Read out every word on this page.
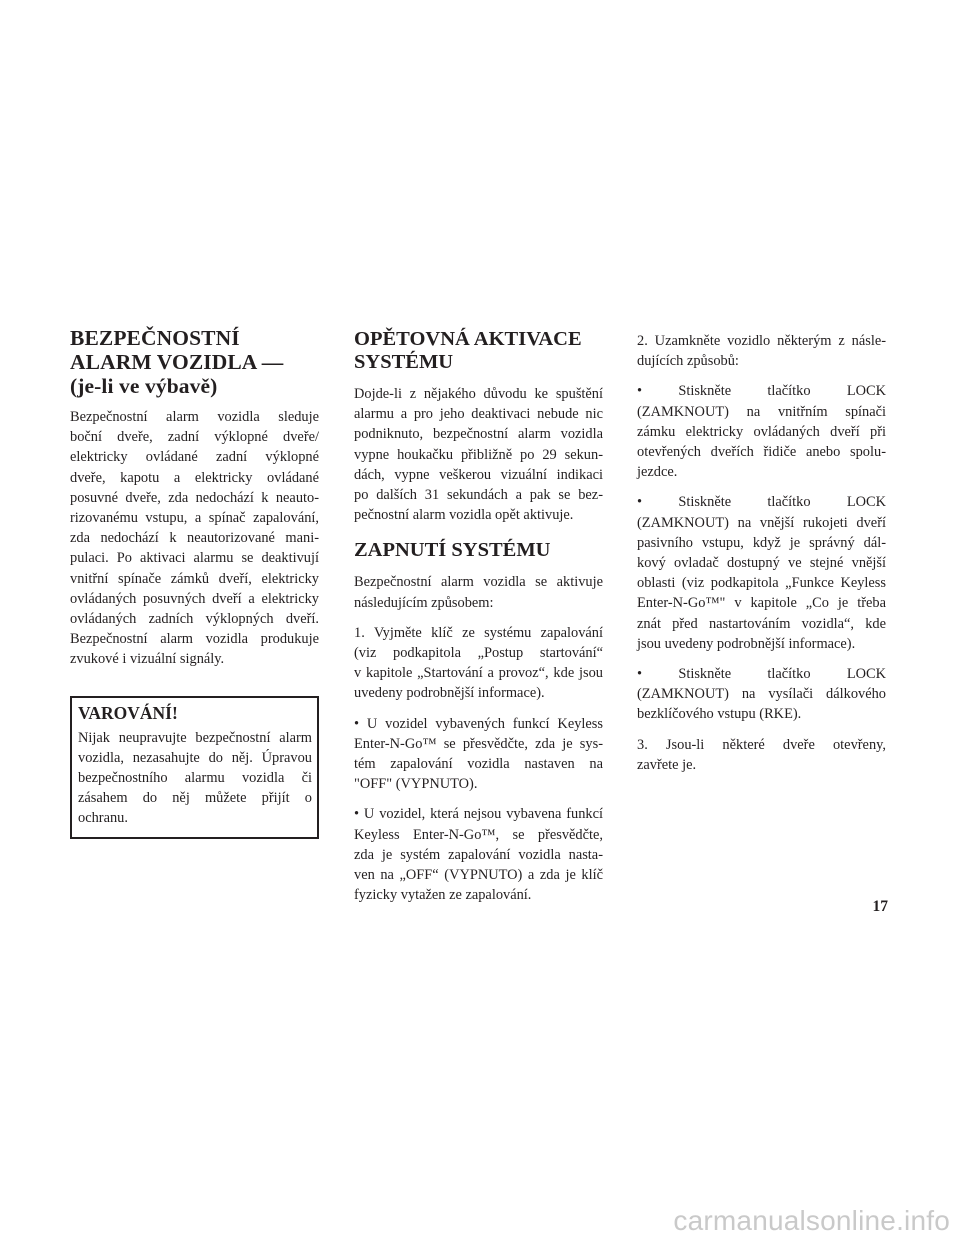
BEZPEČNOSTNÍ
ALARM VOZIDLA —
(je-li ve výbavě)

Bezpečnostní alarm vozidla sleduje
boční dveře, zadní výklopné dveře/
elektricky ovládané zadní výklopné
dveře, kapotu a elektricky ovládané
posuvné dveře, zda nedochází k neauto-
rizovanému vstupu, a spínač zapalování,
zda nedochází k neautorizované mani-
pulaci. Po aktivaci alarmu se deaktivují
vnitřní spínače zámků dveří, elektricky
ovládaných posuvných dveří a elektricky
ovládaných zadních výklopných dveří.
Bezpečnostní alarm vozidla produkuje
zvukové i vizuální signály.

VAROVÁNÍ!

Nijak neupravujte bezpečnostní alarm
vozidla, nezasahujte do něj. Úpravou
bezpečnostního alarmu vozidla či
zásahem do něj můžete přijít o
ochranu.

OPĚTOVNÁ AKTIVACE
SYSTÉMU

Dojde-li z nějakého důvodu ke spuštění
alarmu a pro jeho deaktivaci nebude nic
podniknuto, bezpečnostní alarm vozidla
vypne houkačku přibližně po 29 sekun-
dách, vypne veškerou vizuální indikaci
po dalších 31 sekundách a pak se bez-
pečnostní alarm vozidla opět aktivuje.

ZAPNUTÍ SYSTÉMU

Bezpečnostní alarm vozidla se aktivuje
následujícím způsobem:

1. Vyjměte klíč ze systému zapalování
(viz podkapitola „Postup startování“
v kapitole „Startování a provoz“, kde jsou
uvedeny podrobnější informace).

• U vozidel vybavených funkcí Keyless
Enter-N-Go™ se přesvědčte, zda je sys-
tém zapalování vozidla nastaven na
"OFF" (VYPNUTO).

• U vozidel, která nejsou vybavena funkcí
Keyless Enter-N-Go™, se přesvědčte,
zda je systém zapalování vozidla nasta-
ven na „OFF“ (VYPNUTO) a zda je klíč
fyzicky vytažen ze zapalování.

2. Uzamkněte vozidlo některým z násle-
dujících způsobů:

• Stiskněte tlačítko LOCK
(ZAMKNOUT) na vnitřním spínači
zámku elektricky ovládaných dveří při
otevřených dveřích řidiče anebo spolu-
jezdce.

• Stiskněte tlačítko LOCK
(ZAMKNOUT) na vnější rukojeti dveří
pasivního vstupu, když je správný dál-
kový ovladač dostupný ve stejné vnější
oblasti (viz podkapitola „Funkce Keyless
Enter-N-Go™" v kapitole „Co je třeba
znát před nastartováním vozidla“, kde
jsou uvedeny podrobnější informace).

• Stiskněte tlačítko LOCK
(ZAMKNOUT) na vysílači dálkového
bezklíčového vstupu (RKE).

3. Jsou-li některé dveře otevřeny,
zavřete je.

17
carmanualsonline.info
